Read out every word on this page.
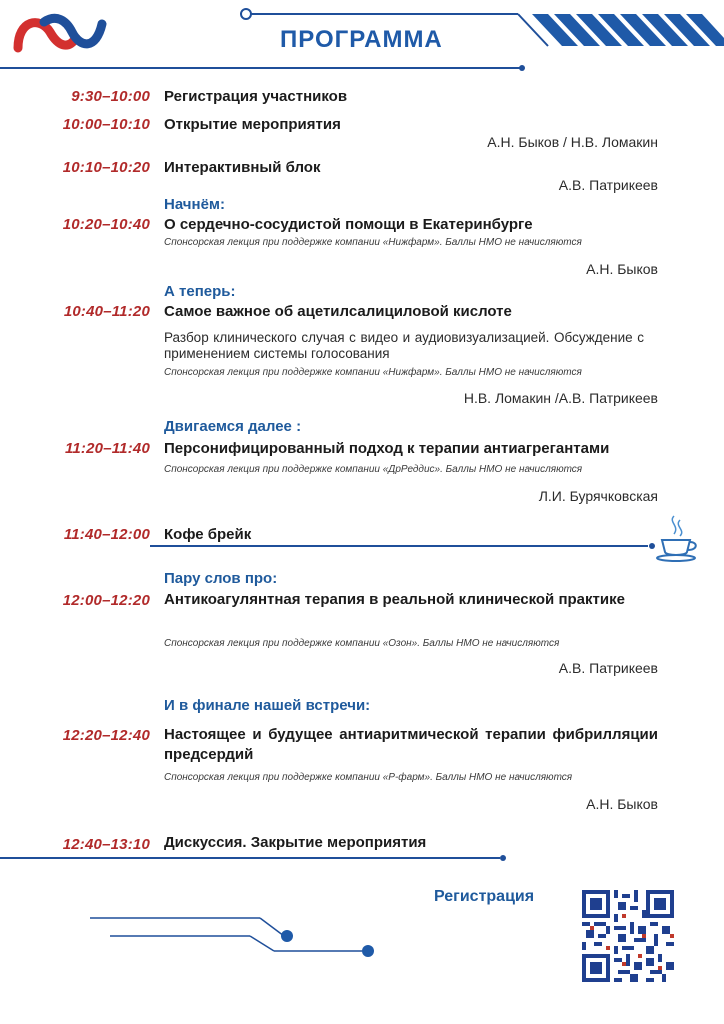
ПРОГРАММА
9:30–10:00 Регистрация участников
10:00–10:10 Открытие мероприятия
А.Н. Быков / Н.В. Ломакин
10:10–10:20 Интерактивный блок
А.В. Патрикеев
Начнём:
10:20–10:40 О сердечно-сосудистой помощи в Екатеринбурге
Спонсорская лекция при поддержке компании «Нижфарм». Баллы НМО не начисляются
А.Н. Быков
А теперь:
10:40–11:20 Самое важное об ацетилсалициловой кислоте
Разбор клинического случая с видео и аудиовизуализацией. Обсуждение с применением системы голосования
Спонсорская лекция при поддержке компании «Нижфарм». Баллы НМО не начисляются
Н.В. Ломакин /А.В. Патрикеев
Двигаемся далее :
11:20–11:40 Персонифицированный подход к терапии антиагрегантами
Спонсорская лекция при поддержке компании «ДрРеддис». Баллы НМО не начисляются
Л.И. Бурячковская
11:40–12:00 Кофе брейк
Пару слов про:
12:00–12:20 Антикоагулянтная терапия в реальной клинической практике
Спонсорская лекция при поддержке компании «Озон». Баллы НМО не начисляются
А.В. Патрикеев
И в финале нашей встречи:
12:20–12:40 Настоящее и будущее антиаритмической терапии фибрилляции предсердий
Спонсорская лекция при поддержке компании «Р-фарм». Баллы НМО не начисляются
А.Н. Быков
12:40–13:10 Дискуссия. Закрытие мероприятия
Регистрация
